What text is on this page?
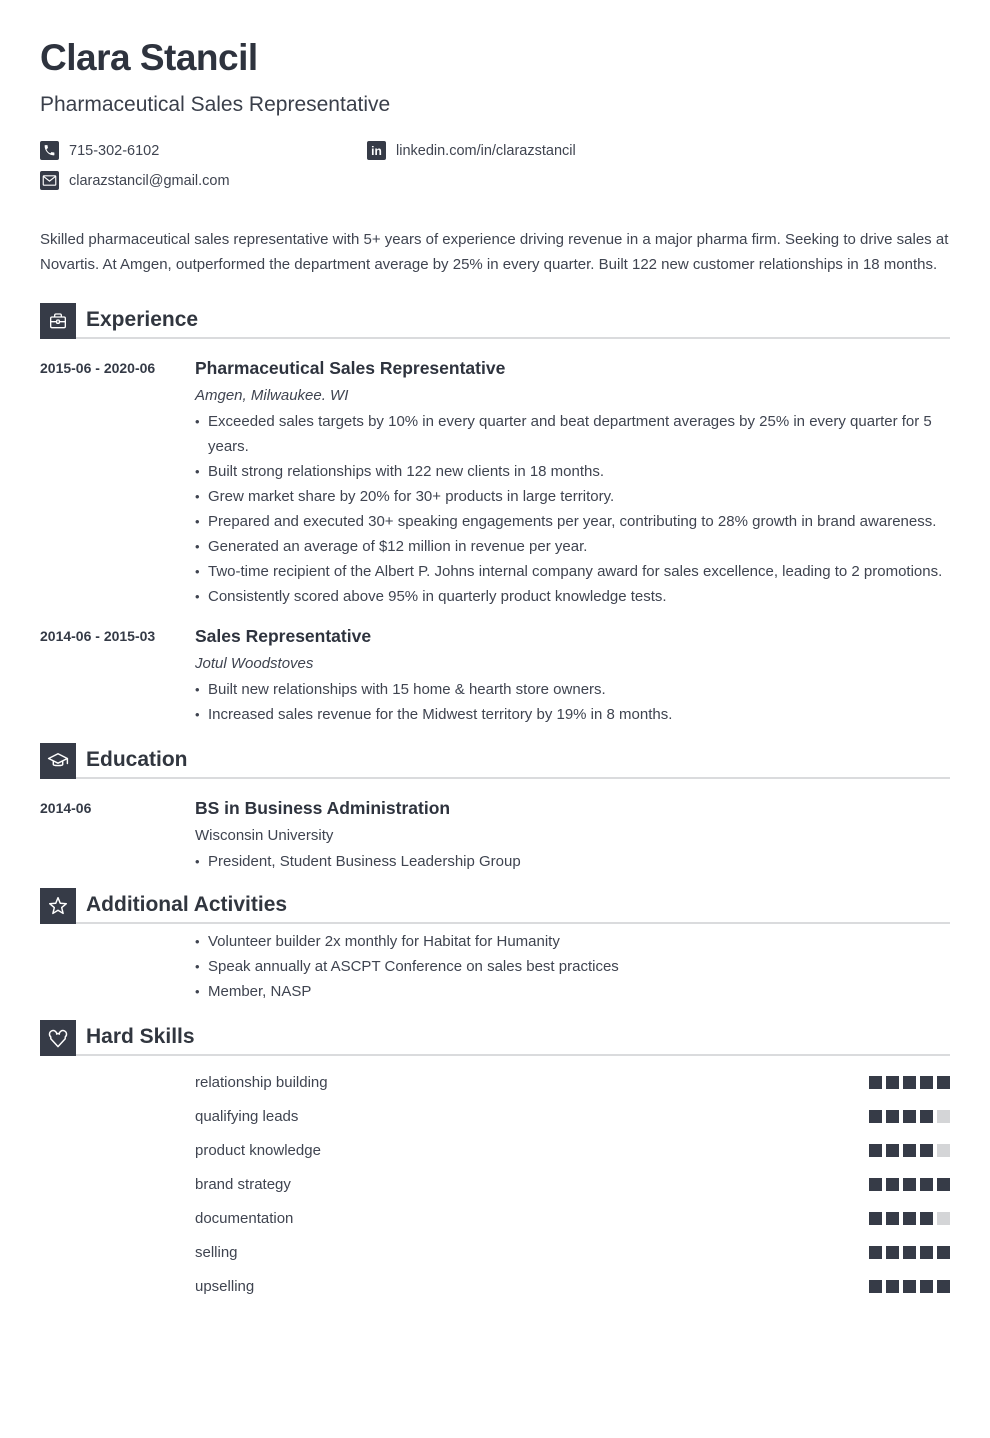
Clara Stancil
Pharmaceutical Sales Representative
715-302-6102	in linkedin.com/in/clarazstancil
clarazstancil@gmail.com

Skilled pharmaceutical sales representative with 5+ years of experience driving revenue in a major pharma firm. Seeking to drive sales at Novartis. At Amgen, outperformed the department average by 25% in every quarter. Built 122 new customer relationships in 18 months.

Experience
2015-06 - 2020-06	Pharmaceutical Sales Representative
Amgen, Milwaukee. WI
• Exceeded sales targets by 10% in every quarter and beat department averages by 25% in every quarter for 5 years.
• Built strong relationships with 122 new clients in 18 months.
• Grew market share by 20% for 30+ products in large territory.
• Prepared and executed 30+ speaking engagements per year, contributing to 28% growth in brand awareness.
• Generated an average of $12 million in revenue per year.
• Two-time recipient of the Albert P. Johns internal company award for sales excellence, leading to 2 promotions.
• Consistently scored above 95% in quarterly product knowledge tests.
2014-06 - 2015-03	Sales Representative
Jotul Woodstoves
• Built new relationships with 15 home & hearth store owners.
• Increased sales revenue for the Midwest territory by 19% in 8 months.
Education
2014-06	BS in Business Administration
Wisconsin University
• President, Student Business Leadership Group
Additional Activities
• Volunteer builder 2x monthly for Habitat for Humanity
• Speak annually at ASCPT Conference on sales best practices
• Member, NASP
Hard Skills
relationship building
qualifying leads
product knowledge
brand strategy
documentation
selling
upselling
